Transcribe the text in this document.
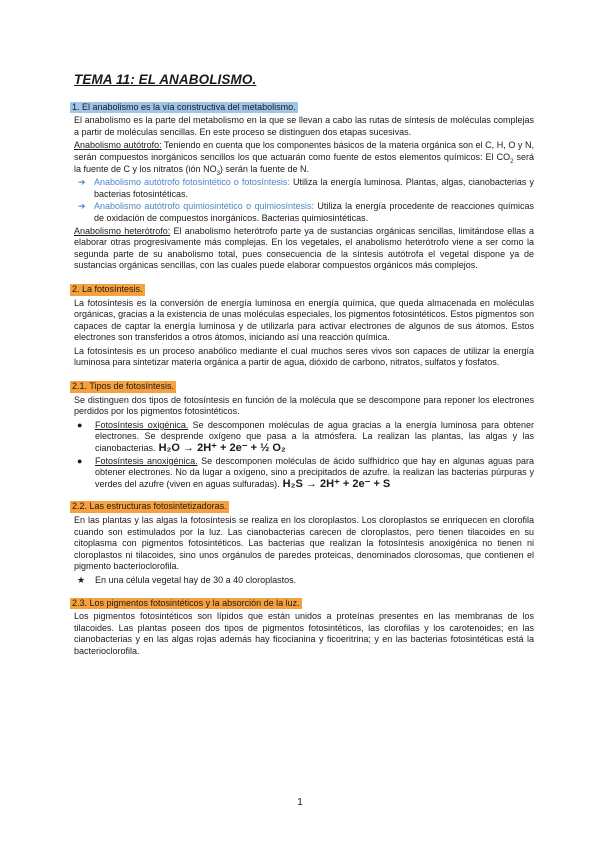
TEMA 11: EL ANABOLISMO.
1. El anabolismo es la vía constructiva del metabolismo.

El anabolismo es la parte del metabolismo en la que se llevan a cabo las rutas de síntesis de moléculas complejas a partir de moléculas sencillas. En este proceso se distinguen dos etapas sucesivas.

Anabolismo autótrofo: Teniendo en cuenta que los componentes básicos de la materia orgánica son el C, H, O y N, serán compuestos inorgánicos sencillos los que actuarán como fuente de estos elementos químicos: El $CO_2$ será la fuente de C y los nitratos (ión $NO_3$) serán la fuente de N.

➔ Anabolismo autótrofo fotosintético o fotosíntesis: Utiliza la energía luminosa. Plantas, algas, cianobacterias y bacterias fotosintéticas.
➔ Anabolismo autótrofo quimiosintético o quimiosíntesis: Utiliza la energía procedente de reacciones químicas de oxidación de compuestos inorgánicos. Bacterias quimiosintéticas.

Anabolismo heterótrofo: El anabolismo heterótrofo parte ya de sustancias orgánicas sencillas, limitándose ellas a elaborar otras progresivamente más complejas. En los vegetales, el anabolismo heterótrofo viene a ser como la segunda parte de su anabolismo total, pues consecuencia de la síntesis autótrofa el vegetal dispone ya de sustancias orgánicas sencillas, con las cuales puede elaborar compuestos orgánicos más complejos.

2. La fotosíntesis.

La fotosíntesis es la conversión de energía luminosa en energía química, que queda almacenada en moléculas orgánicas, gracias a la existencia de unas moléculas especiales, los pigmentos fotosintéticos. Estos pigmentos son capaces de captar la energía luminosa y de utilizarla para activar electrones de algunos de sus átomos. Estos electrones son transferidos a otros átomos, iniciando así una reacción química.

La fotosíntesis es un proceso anabólico mediante el cual muchos seres vivos son capaces de utilizar la energía luminosa para sintetizar materia orgánica a partir de agua, dióxido de carbono, nitratos, sulfatos y fosfatos.

2.1. Tipos de fotosíntesis.

Se distinguen dos tipos de fotosíntesis en función de la molécula que se descompone para reponer los electrones perdidos por los pigmentos fotosintéticos.

●	Fotosíntesis oxigénica. Se descomponen moléculas de agua gracias a la energía luminosa para obtener electrones. Se desprende oxígeno que pasa a la atmósfera. La realizan las plantas, las algas y las cianobacterias. H₂O → 2H⁺ + 2e⁻ + ½ O₂
●	Fotosíntesis anoxigénica. Se descomponen moléculas de ácido sulfhídrico que hay en algunas aguas para obtener electrones. No da lugar a oxígeno, sino a precipitados de azufre. la realizan las bacterias púrpuras y verdes del azufre (viven en aguas sulfuradas). H₂S → 2H⁺ + 2e⁻ + S
2.2. Las estructuras fotosintetizadoras.

En las plantas y las algas la fotosíntesis se realiza en los cloroplastos. Los cloroplastos se enriquecen en clorofila cuando son estimulados por la luz. Las cianobacterias carecen de cloroplastos, pero tienen tilacoides en su citoplasma con pigmentos fotosintéticos. Las bacterias que realizan la fotosíntesis anoxigénica no tienen ni cloroplastos ni tilacoides, sino unos orgánulos de paredes proteicas, denominados clorosomas, que contienen el pigmento bacterioclorofila.

★	En una célula vegetal hay de 30 a 40 cloroplastos.
2.3. Los pigmentos fotosintéticos y la absorción de la luz.

Los pigmentos fotosintéticos son lípidos que están unidos a proteínas presentes en las membranas de los tilacoides. Las plantas poseen dos tipos de pigmentos fotosintéticos, las clorofilas y los carotenoides; en las cianobacterias y en las algas rojas además hay ficocianina y ficoeritrina; y en las bacterias fotosintéticas está la bacterioclorofila.

1
